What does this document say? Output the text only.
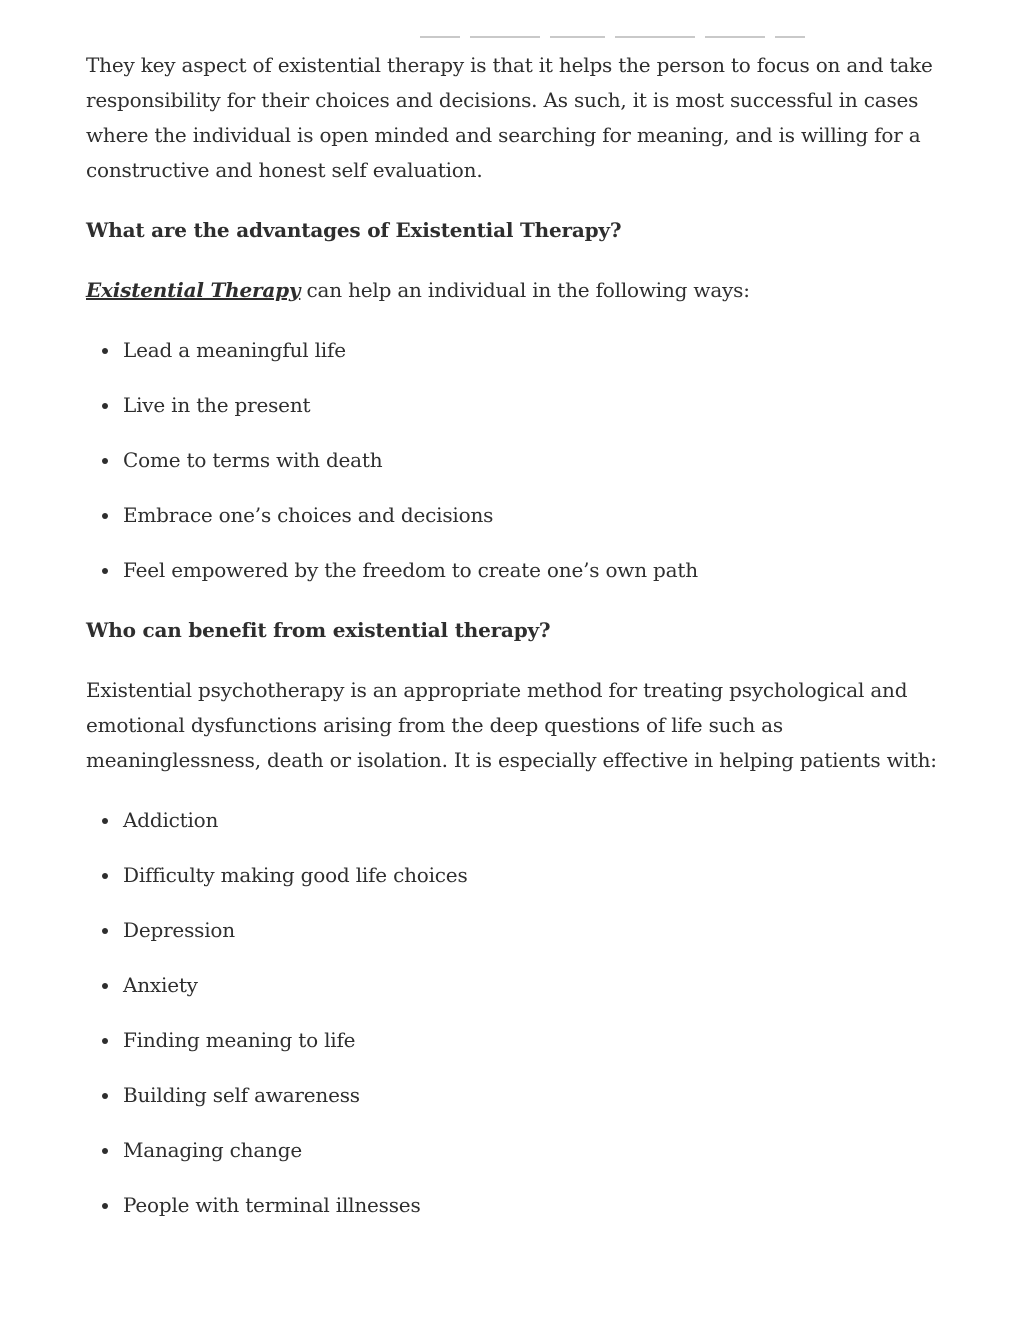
They key aspect of existential therapy is that it helps the person to focus on and take responsibility for their choices and decisions. As such, it is most successful in cases where the individual is open minded and searching for meaning, and is willing for a constructive and honest self evaluation.

What are the advantages of Existential Therapy?

Existential Therapy can help an individual in the following ways:

Lead a meaningful life
Live in the present
Come to terms with death
Embrace one’s choices and decisions
Feel empowered by the freedom to create one’s own path
Who can benefit from existential therapy?

Existential psychotherapy is an appropriate method for treating psychological and emotional dysfunctions arising from the deep questions of life such as meaninglessness, death or isolation. It is especially effective in helping patients with:

Addiction
Difficulty making good life choices
Depression
Anxiety
Finding meaning to life
Building self awareness
Managing change
People with terminal illnesses
